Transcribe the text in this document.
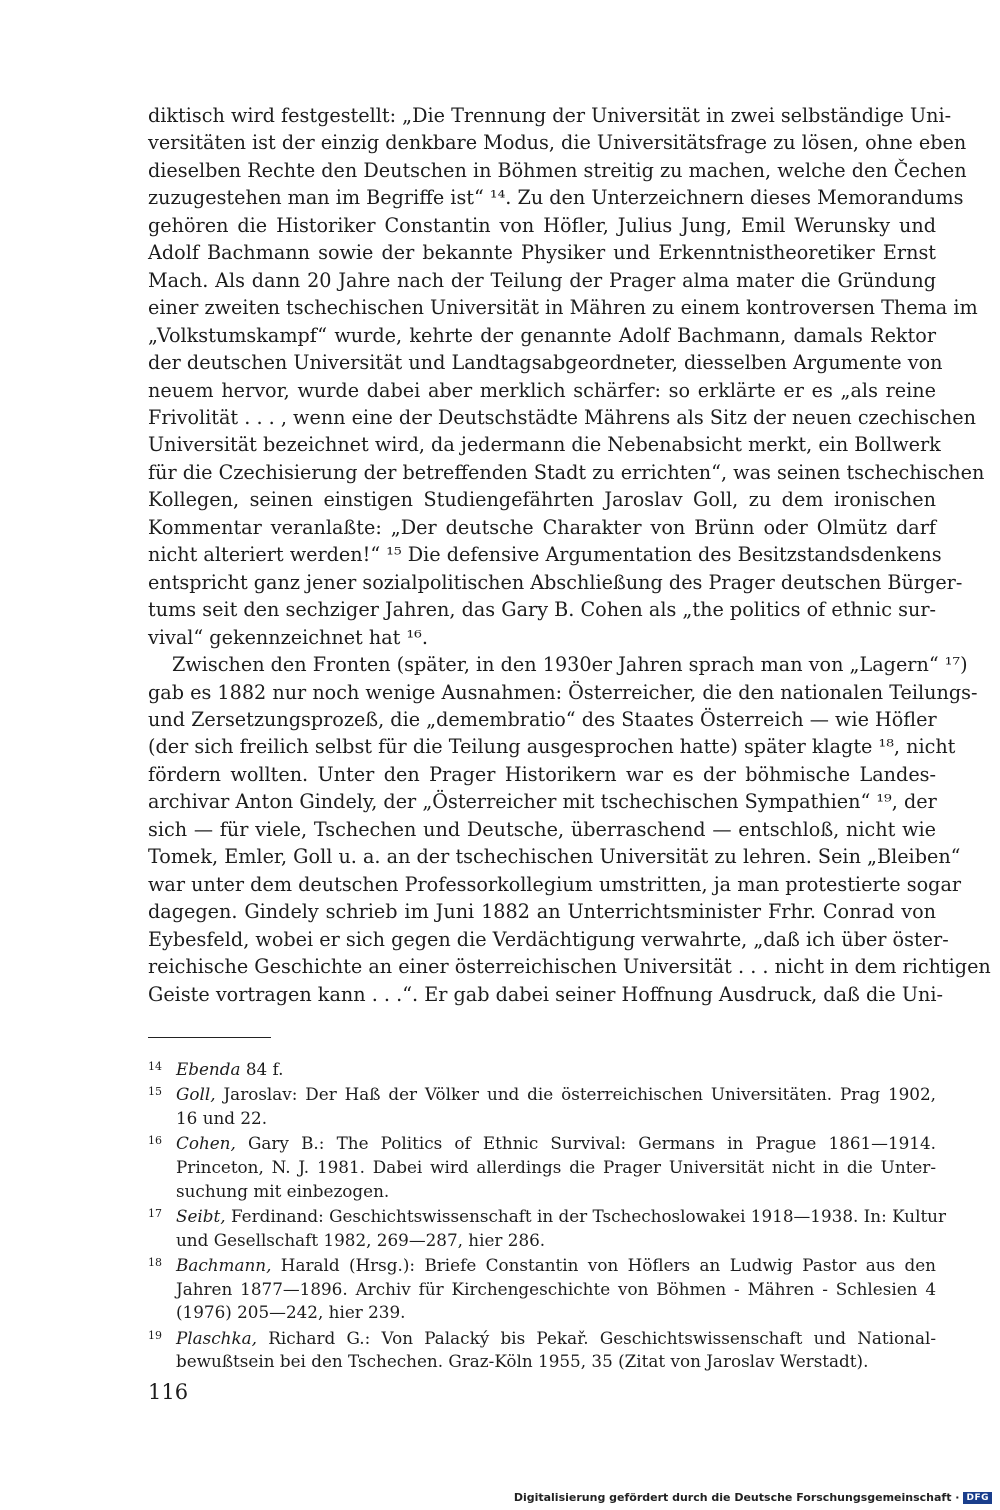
diktisch wird festgestellt: „Die Trennung der Universität in zwei selbständige Uni-
versitäten ist der einzig denkbare Modus, die Universitätsfrage zu lösen, ohne eben
dieselben Rechte den Deutschen in Böhmen streitig zu machen, welche den Čechen
zuzugestehen man im Begriffe ist“ ¹⁴. Zu den Unterzeichnern dieses Memorandums
gehören die Historiker Constantin von Höfler, Julius Jung, Emil Werunsky und
Adolf Bachmann sowie der bekannte Physiker und Erkenntnistheoretiker Ernst
Mach. Als dann 20 Jahre nach der Teilung der Prager alma mater die Gründung
einer zweiten tschechischen Universität in Mähren zu einem kontroversen Thema im
„Volkstumskampf“ wurde, kehrte der genannte Adolf Bachmann, damals Rektor
der deutschen Universität und Landtagsabgeordneter, diesselben Argumente von
neuem hervor, wurde dabei aber merklich schärfer: so erklärte er es „als reine
Frivolität . . . , wenn eine der Deutschstädte Mährens als Sitz der neuen czechischen
Universität bezeichnet wird, da jedermann die Nebenabsicht merkt, ein Bollwerk
für die Czechisierung der betreffenden Stadt zu errichten“, was seinen tschechischen
Kollegen, seinen einstigen Studiengefährten Jaroslav Goll, zu dem ironischen
Kommentar veranlaßte: „Der deutsche Charakter von Brünn oder Olmütz darf
nicht alteriert werden!“ ¹⁵ Die defensive Argumentation des Besitzstandsdenkens
entspricht ganz jener sozialpolitischen Abschließung des Prager deutschen Bürger-
tums seit den sechziger Jahren, das Gary B. Cohen als „the politics of ethnic sur-
vival“ gekennzeichnet hat ¹⁶.
Zwischen den Fronten (später, in den 1930er Jahren sprach man von „Lagern“ ¹⁷)
gab es 1882 nur noch wenige Ausnahmen: Österreicher, die den nationalen Teilungs-
und Zersetzungsprozeß, die „demembratio“ des Staates Österreich — wie Höfler
(der sich freilich selbst für die Teilung ausgesprochen hatte) später klagte ¹⁸, nicht
fördern wollten. Unter den Prager Historikern war es der böhmische Landes-
archivar Anton Gindely, der „Österreicher mit tschechischen Sympathien“ ¹⁹, der
sich — für viele, Tschechen und Deutsche, überraschend — entschloß, nicht wie
Tomek, Emler, Goll u. a. an der tschechischen Universität zu lehren. Sein „Bleiben“
war unter dem deutschen Professorkollegium umstritten, ja man protestierte sogar
dagegen. Gindely schrieb im Juni 1882 an Unterrichtsminister Frhr. Conrad von
Eybesfeld, wobei er sich gegen die Verdächtigung verwahrte, „daß ich über öster-
reichische Geschichte an einer österreichischen Universität . . . nicht in dem richtigen
Geiste vortragen kann . . .“. Er gab dabei seiner Hoffnung Ausdruck, daß die Uni-
14 Ebenda 84 f.
15 Goll, Jaroslav: Der Haß der Völker und die österreichischen Universitäten. Prag 1902,
16 und 22.
16 Cohen, Gary B.: The Politics of Ethnic Survival: Germans in Prague 1861—1914.
Princeton, N. J. 1981. Dabei wird allerdings die Prager Universität nicht in die Unter-
suchung mit einbezogen.
17 Seibt, Ferdinand: Geschichtswissenschaft in der Tschechoslowakei 1918—1938. In: Kultur
und Gesellschaft 1982, 269—287, hier 286.
18 Bachmann, Harald (Hrsg.): Briefe Constantin von Höflers an Ludwig Pastor aus den
Jahren 1877—1896. Archiv für Kirchengeschichte von Böhmen - Mähren - Schlesien 4
(1976) 205—242, hier 239.
19 Plaschka, Richard G.: Von Palacký bis Pekař. Geschichtswissenschaft und National-
bewußtsein bei den Tschechen. Graz-Köln 1955, 35 (Zitat von Jaroslav Werstadt).
116
Digitalisierung gefördert durch die Deutsche Forschungsgemeinschaft · DFG
